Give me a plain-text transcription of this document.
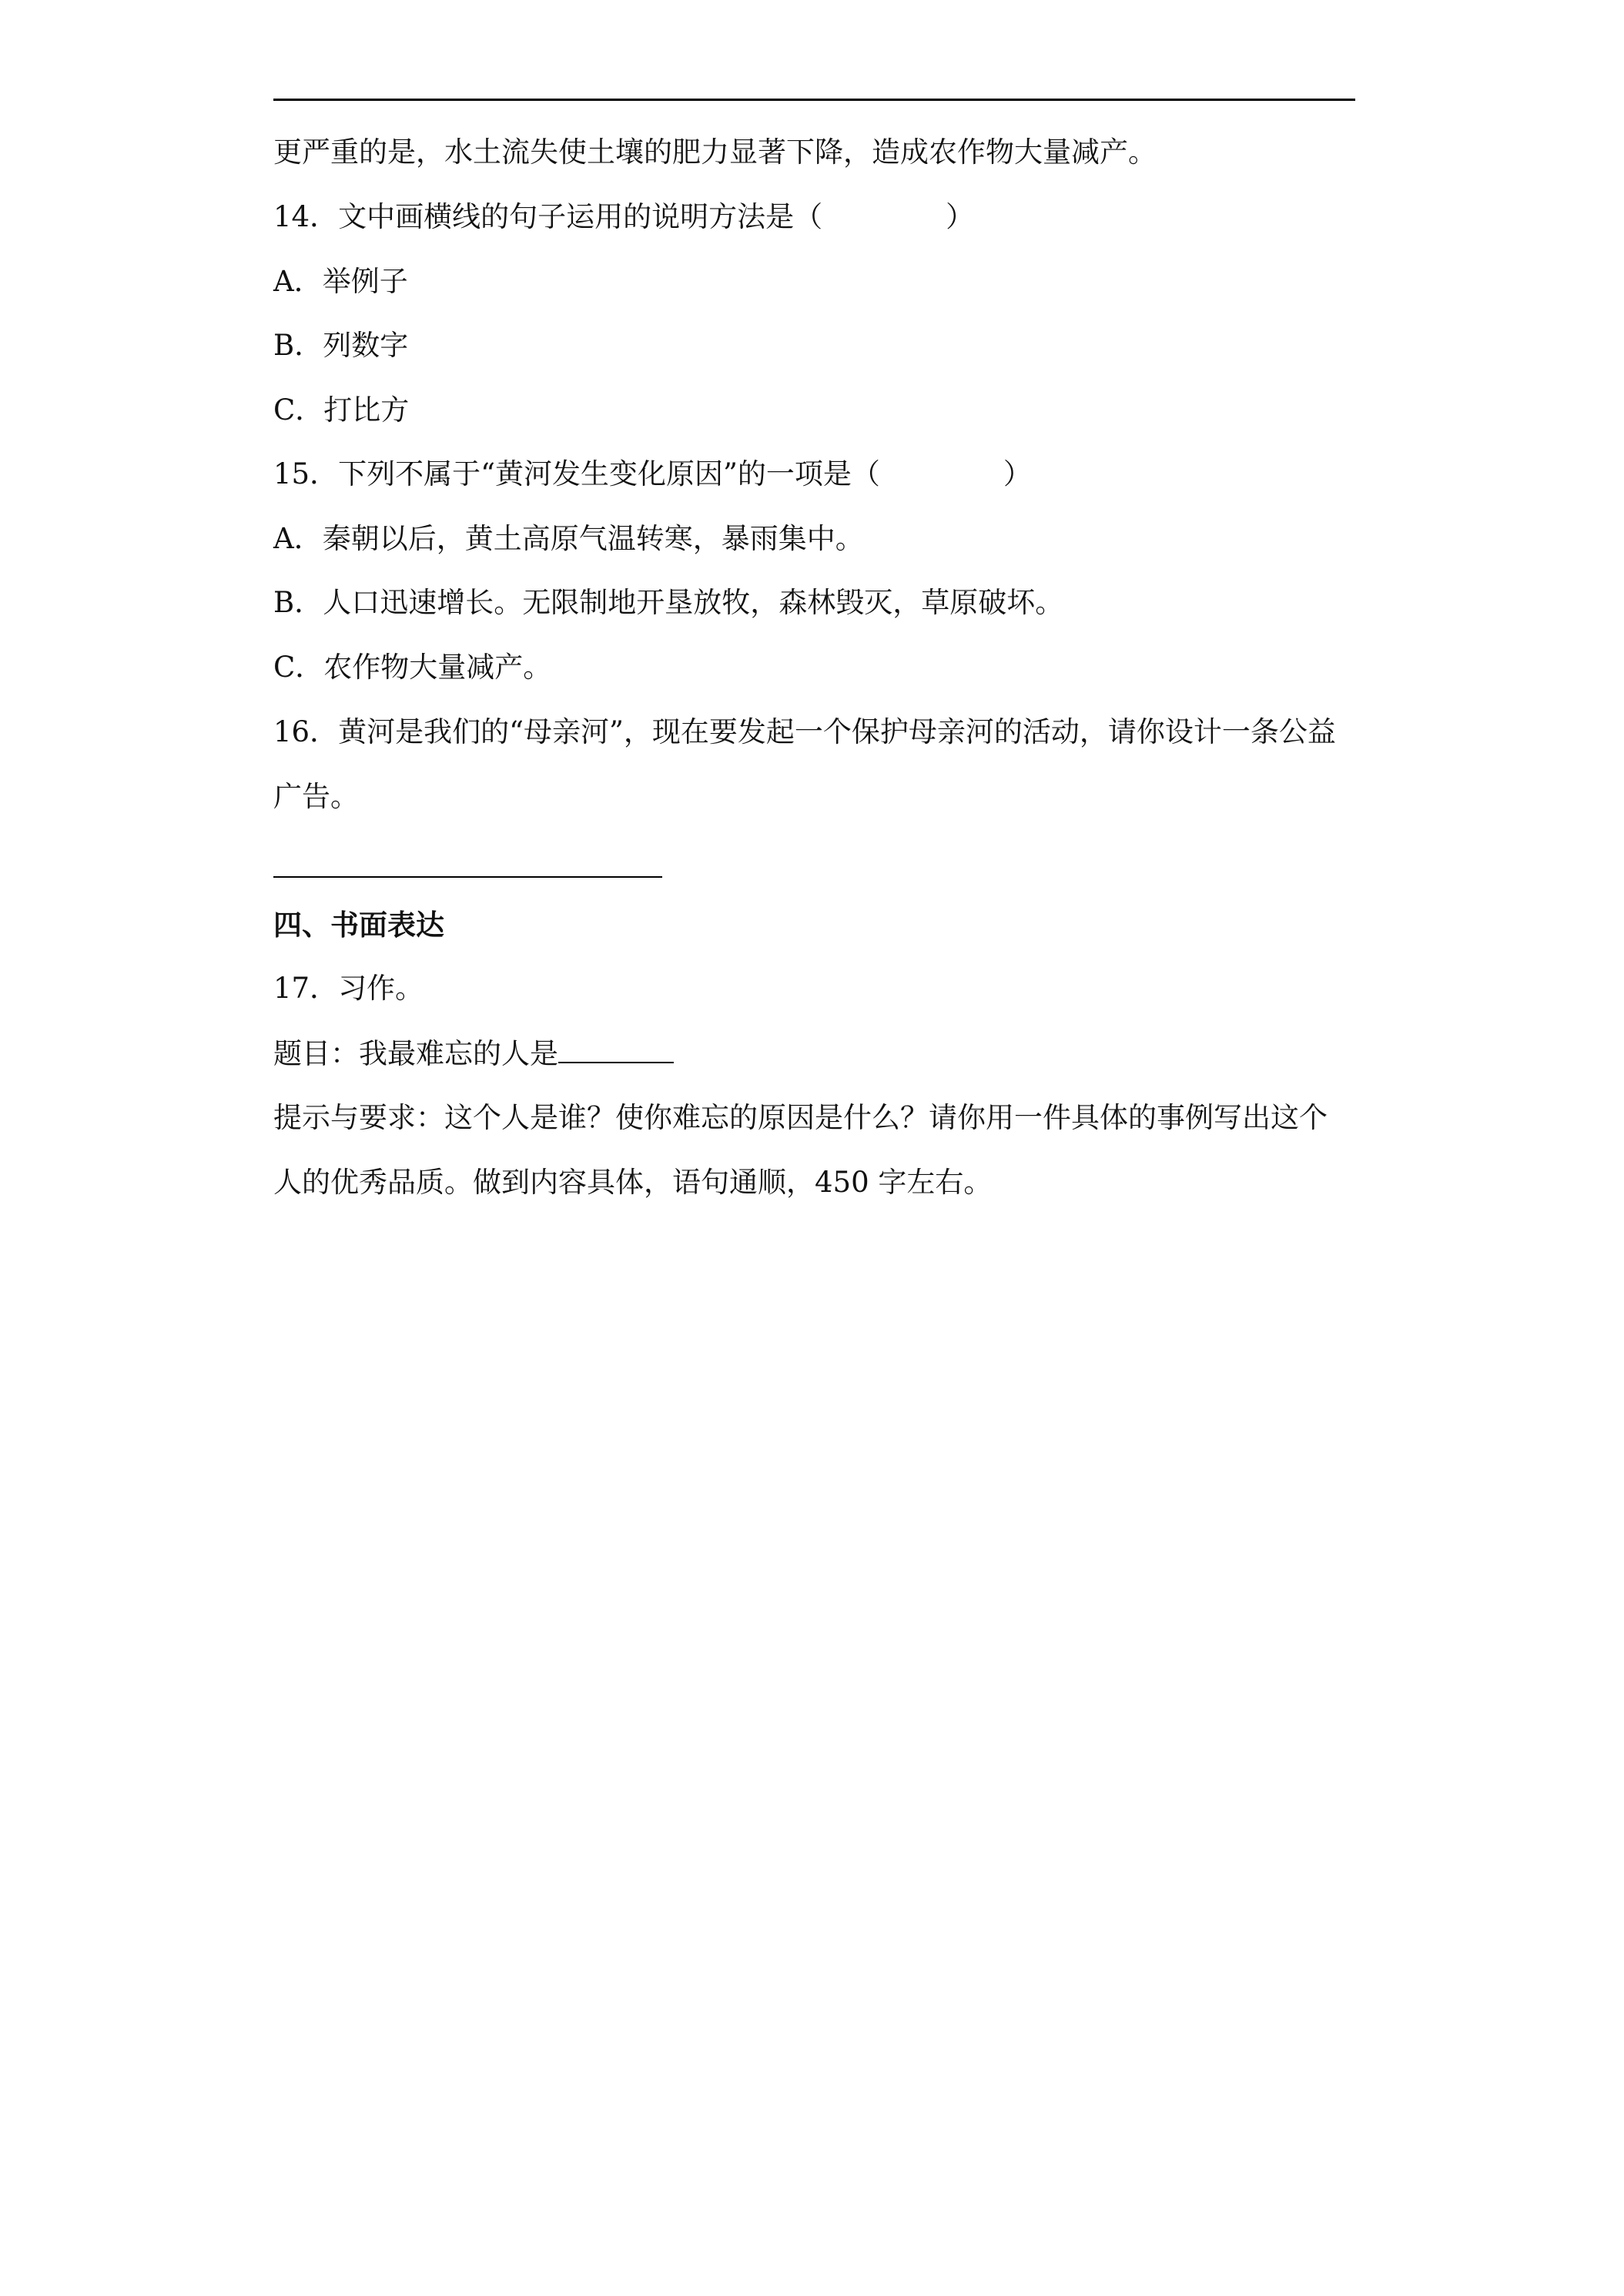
更严重的是，水土流失使土壤的肥力显著下降，造成农作物大量减产。
14．文中画横线的句子运用的说明方法是（	）
A．举例子
B．列数字
C．打比方
15．下列不属于“黄河发生变化原因”的一项是（	）
A．秦朝以后，黄土高原气温转寒，暴雨集中。
B．人口迅速增长。无限制地开垦放牧，森林毁灭，草原破坏。
C．农作物大量减产。
16．黄河是我们的“母亲河”，现在要发起一个保护母亲河的活动，请你设计一条公益广告。
四、书面表达
17．习作。
题目：我最难忘的人是
提示与要求：这个人是谁？使你难忘的原因是什么？请你用一件具体的事例写出这个人的优秀品质。做到内容具体，语句通顺，450 字左右。
